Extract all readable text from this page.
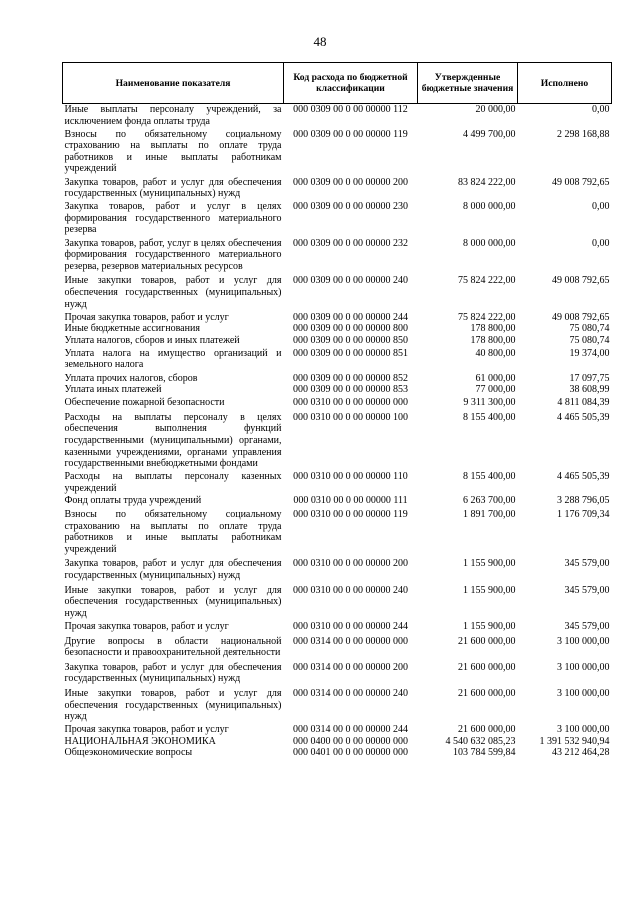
48
Наименование показателя	Код расхода по бюджетной классификации	Утвержденные бюджетные значения	Исполнено
Иные выплаты персоналу учреждений, за исключением фонда оплаты труда	000 0309 00 0 00 00000 112	20 000,00	0,00
Взносы по обязательному социальному страхованию на выплаты по оплате труда работников и иные выплаты работникам учреждений	000 0309 00 0 00 00000 119	4 499 700,00	2 298 168,88
Закупка товаров, работ и услуг для обеспечения государственных (муниципальных) нужд	000 0309 00 0 00 00000 200	83 824 222,00	49 008 792,65
Закупка товаров, работ и услуг в целях формирования государственного материального резерва	000 0309 00 0 00 00000 230	8 000 000,00	0,00
Закупка товаров, работ, услуг в целях обеспечения формирования государственного материального резерва, резервов материальных ресурсов	000 0309 00 0 00 00000 232	8 000 000,00	0,00
Иные закупки товаров, работ и услуг для обеспечения государственных (муниципальных) нужд	000 0309 00 0 00 00000 240	75 824 222,00	49 008 792,65
Прочая закупка товаров, работ и услуг	000 0309 00 0 00 00000 244	75 824 222,00	49 008 792,65
Иные бюджетные ассигнования	000 0309 00 0 00 00000 800	178 800,00	75 080,74
Уплата налогов, сборов и иных платежей	000 0309 00 0 00 00000 850	178 800,00	75 080,74
Уплата налога на имущество организаций и земельного налога	000 0309 00 0 00 00000 851	40 800,00	19 374,00
Уплата прочих налогов, сборов	000 0309 00 0 00 00000 852	61 000,00	17 097,75
Уплата иных платежей	000 0309 00 0 00 00000 853	77 000,00	38 608,99
Обеспечение пожарной безопасности	000 0310 00 0 00 00000 000	9 311 300,00	4 811 084,39
Расходы на выплаты персоналу в целях обеспечения выполнения функций государственными (муниципальными) органами, казенными учреждениями, органами управления государственными внебюджетными фондами	000 0310 00 0 00 00000 100	8 155 400,00	4 465 505,39
Расходы на выплаты персоналу казенных учреждений	000 0310 00 0 00 00000 110	8 155 400,00	4 465 505,39
Фонд оплаты труда учреждений	000 0310 00 0 00 00000 111	6 263 700,00	3 288 796,05
Взносы по обязательному социальному страхованию на выплаты по оплате труда работников и иные выплаты работникам учреждений	000 0310 00 0 00 00000 119	1 891 700,00	1 176 709,34
Закупка товаров, работ и услуг для обеспечения государственных (муниципальных) нужд	000 0310 00 0 00 00000 200	1 155 900,00	345 579,00
Иные закупки товаров, работ и услуг для обеспечения государственных (муниципальных) нужд	000 0310 00 0 00 00000 240	1 155 900,00	345 579,00
Прочая закупка товаров, работ и услуг	000 0310 00 0 00 00000 244	1 155 900,00	345 579,00
Другие вопросы в области национальной безопасности и правоохранительной деятельности	000 0314 00 0 00 00000 000	21 600 000,00	3 100 000,00
Закупка товаров, работ и услуг для обеспечения государственных (муниципальных) нужд	000 0314 00 0 00 00000 200	21 600 000,00	3 100 000,00
Иные закупки товаров, работ и услуг для обеспечения государственных (муниципальных) нужд	000 0314 00 0 00 00000 240	21 600 000,00	3 100 000,00
Прочая закупка товаров, работ и услуг	000 0314 00 0 00 00000 244	21 600 000,00	3 100 000,00
НАЦИОНАЛЬНАЯ ЭКОНОМИКА	000 0400 00 0 00 00000 000	4 540 632 085,23	1 391 532 940,94
Общеэкономические вопросы	000 0401 00 0 00 00000 000	103 784 599,84	43 212 464,28
